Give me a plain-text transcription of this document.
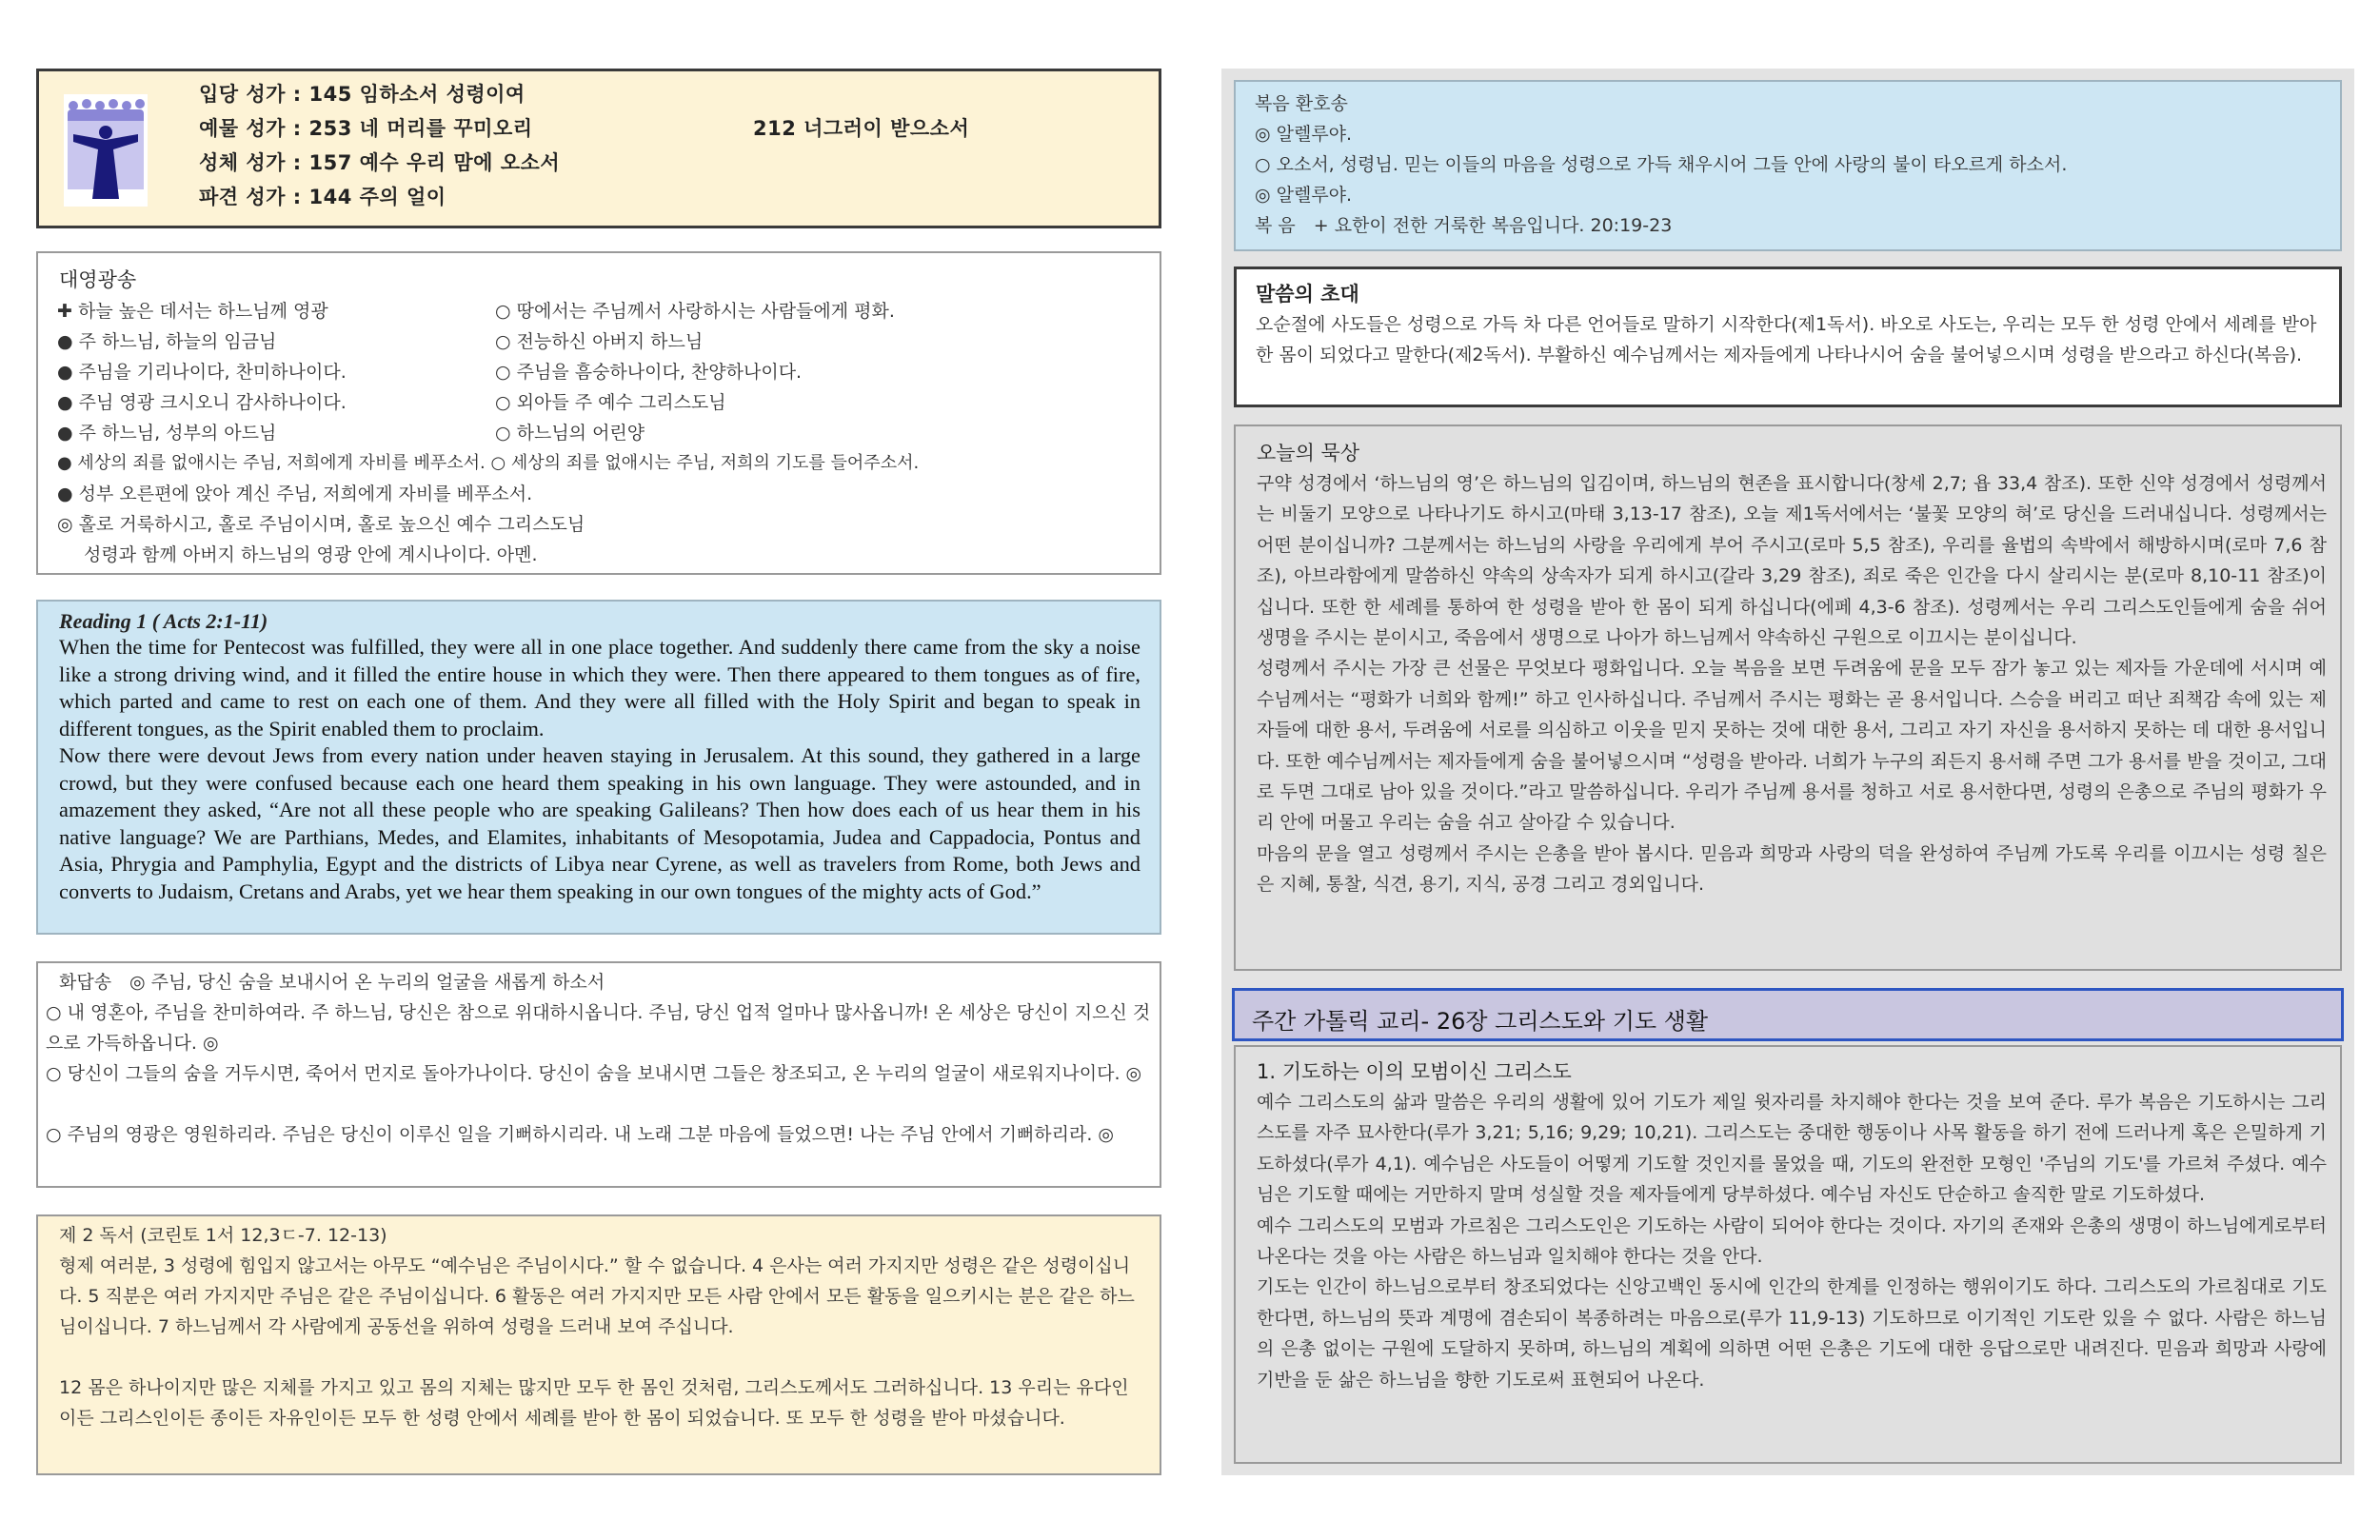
입당 성가 : 145 임하소서 성령이여
예물 성가 : 253 네 머리를 꾸미오리	212 너그러이 받으소서
성체 성가 : 157 예수 우리 맘에 오소서
파견 성가 : 144 주의 얼이
대영광송
✚ 하늘 높은 데서는 하느님께 영광	○ 땅에서는 주님께서 사랑하시는 사람들에게 평화.
● 주 하느님, 하늘의 임금님	○ 전능하신 아버지 하느님
● 주님을 기리나이다, 찬미하나이다.	○ 주님을 흠숭하나이다, 찬양하나이다.
● 주님 영광 크시오니 감사하나이다.	○ 외아들 주 예수 그리스도님
● 주 하느님, 성부의 아드님	○ 하느님의 어린양
● 세상의 죄를 없애시는 주님, 저희에게 자비를 베푸소서. ○ 세상의 죄를 없애시는 주님, 저희의 기도를 들어주소서.
● 성부 오른편에 앉아 계신 주님, 저희에게 자비를 베푸소서.
◎ 홀로 거룩하시고, 홀로 주님이시며, 홀로 높으신 예수 그리스도님
성령과 함께 아버지 하느님의 영광 안에 계시나이다. 아멘.
Reading 1 ( Acts 2:1-11)
When the time for Pentecost was fulfilled, they were all in one place together. And suddenly there came from the sky a noise like a strong driving wind, and it filled the entire house in which they were. Then there appeared to them tongues as of fire, which parted and came to rest on each one of them. And they were all filled with the Holy Spirit and began to speak in different tongues, as the Spirit enabled them to proclaim.
Now there were devout Jews from every nation under heaven staying in Jerusalem. At this sound, they gathered in a large crowd, but they were confused because each one heard them speaking in his own language. They were astounded, and in amazement they asked, “Are not all these people who are speaking Galileans? Then how does each of us hear them in his native language? We are Parthians, Medes, and Elamites, inhabitants of Mesopotamia, Judea and Cappadocia, Pontus and Asia, Phrygia and Pamphylia, Egypt and the districts of Libya near Cyrene, as well as travelers from Rome, both Jews and converts to Judaism, Cretans and Arabs, yet we hear them speaking in our own tongues of the mighty acts of God.”
화답송　◎ 주님, 당신 숨을 보내시어 온 누리의 얼굴을 새롭게 하소서
○ 내 영혼아, 주님을 찬미하여라. 주 하느님, 당신은 참으로 위대하시옵니다. 주님, 당신 업적 얼마나 많사옵니까! 온 세상은 당신이 지으신 것으로 가득하옵니다. ◎
○ 당신이 그들의 숨을 거두시면, 죽어서 먼지로 돌아가나이다. 당신이 숨을 보내시면 그들은 창조되고, 온 누리의 얼굴이 새로워지나이다. ◎
○ 주님의 영광은 영원하리라. 주님은 당신이 이루신 일을 기뻐하시리라. 내 노래 그분 마음에 들었으면! 나는 주님 안에서 기뻐하리라. ◎
제 2 독서 (코린토 1서 12,3ㄷ-7. 12-13)
형제 여러분, 3 성령에 힘입지 않고서는 아무도 “예수님은 주님이시다.” 할 수 없습니다. 4 은사는 여러 가지지만 성령은 같은 성령이십니다. 5 직분은 여러 가지지만 주님은 같은 주님이십니다. 6 활동은 여러 가지지만 모든 사람 안에서 모든 활동을 일으키시는 분은 같은 하느님이십니다. 7 하느님께서 각 사람에게 공동선을 위하여 성령을 드러내 보여 주십니다.
12 몸은 하나이지만 많은 지체를 가지고 있고 몸의 지체는 많지만 모두 한 몸인 것처럼, 그리스도께서도 그러하십니다. 13 우리는 유다인이든 그리스인이든 종이든 자유인이든 모두 한 성령 안에서 세례를 받아 한 몸이 되었습니다. 또 모두 한 성령을 받아 마셨습니다.
복음 환호송
◎ 알렐루야.
○ 오소서, 성령님. 믿는 이들의 마음을 성령으로 가득 채우시어 그들 안에 사랑의 불이 타오르게 하소서.
◎ 알렐루야.
복 음　+ 요한이 전한 거룩한 복음입니다. 20:19-23
말씀의 초대
오순절에 사도들은 성령으로 가득 차 다른 언어들로 말하기 시작한다(제1독서). 바오로 사도는, 우리는 모두 한 성령 안에서 세례를 받아 한 몸이 되었다고 말한다(제2독서). 부활하신 예수님께서는 제자들에게 나타나시어 숨을 불어넣으시며 성령을 받으라고 하신다(복음).
오늘의 묵상
구약 성경에서 ‘하느님의 영’은 하느님의 입김이며, 하느님의 현존을 표시합니다(창세 2,7; 욥 33,4 참조). 또한 신약 성경에서 성령께서는 비둘기 모양으로 나타나기도 하시고(마태 3,13-17 참조), 오늘 제1독서에서는 ‘불꽃 모양의 혀’로 당신을 드러내십니다. 성령께서는 어떤 분이십니까? 그분께서는 하느님의 사랑을 우리에게 부어 주시고(로마 5,5 참조), 우리를 율법의 속박에서 해방하시며(로마 7,6 참조), 아브라함에게 말씀하신 약속의 상속자가 되게 하시고(갈라 3,29 참조), 죄로 죽은 인간을 다시 살리시는 분(로마 8,10-11 참조)이십니다. 또한 한 세례를 통하여 한 성령을 받아 한 몸이 되게 하십니다(에페 4,3-6 참조). 성령께서는 우리 그리스도인들에게 숨을 쉬어 생명을 주시는 분이시고, 죽음에서 생명으로 나아가 하느님께서 약속하신 구원으로 이끄시는 분이십니다.
성령께서 주시는 가장 큰 선물은 무엇보다 평화입니다. 오늘 복음을 보면 두려움에 문을 모두 잠가 놓고 있는 제자들 가운데에 서시며 예수님께서는 “평화가 너희와 함께!” 하고 인사하십니다. 주님께서 주시는 평화는 곧 용서입니다. 스승을 버리고 떠난 죄책감 속에 있는 제자들에 대한 용서, 두려움에 서로를 의심하고 이웃을 믿지 못하는 것에 대한 용서, 그리고 자기 자신을 용서하지 못하는 데 대한 용서입니다. 또한 예수님께서는 제자들에게 숨을 불어넣으시며 “성령을 받아라. 너희가 누구의 죄든지 용서해 주면 그가 용서를 받을 것이고, 그대로 두면 그대로 남아 있을 것이다.”라고 말씀하십니다. 우리가 주님께 용서를 청하고 서로 용서한다면, 성령의 은총으로 주님의 평화가 우리 안에 머물고 우리는 숨을 쉬고 살아갈 수 있습니다.
마음의 문을 열고 성령께서 주시는 은총을 받아 봅시다. 믿음과 희망과 사랑의 덕을 완성하여 주님께 가도록 우리를 이끄시는 성령 칠은은 지혜, 통찰, 식견, 용기, 지식, 공경 그리고 경외입니다.
주간 가톨릭 교리- 26장 그리스도와 기도 생활
1. 기도하는 이의 모범이신 그리스도
예수 그리스도의 삶과 말씀은 우리의 생활에 있어 기도가 제일 윗자리를 차지해야 한다는 것을 보여 준다. 루가 복음은 기도하시는 그리스도를 자주 묘사한다(루가 3,21; 5,16; 9,29; 10,21). 그리스도는 중대한 행동이나 사목 활동을 하기 전에 드러나게 혹은 은밀하게 기도하셨다(루가 4,1). 예수님은 사도들이 어떻게 기도할 것인지를 물었을 때, 기도의 완전한 모형인 '주님의 기도'를 가르쳐 주셨다. 예수님은 기도할 때에는 거만하지 말며 성실할 것을 제자들에게 당부하셨다. 예수님 자신도 단순하고 솔직한 말로 기도하셨다.
예수 그리스도의 모범과 가르침은 그리스도인은 기도하는 사람이 되어야 한다는 것이다. 자기의 존재와 은총의 생명이 하느님에게로부터 나온다는 것을 아는 사람은 하느님과 일치해야 한다는 것을 안다.
기도는 인간이 하느님으로부터 창조되었다는 신앙고백인 동시에 인간의 한계를 인정하는 행위이기도 하다. 그리스도의 가르침대로 기도한다면, 하느님의 뜻과 계명에 겸손되이 복종하려는 마음으로(루가 11,9-13) 기도하므로 이기적인 기도란 있을 수 없다. 사람은 하느님의 은총 없이는 구원에 도달하지 못하며, 하느님의 계획에 의하면 어떤 은총은 기도에 대한 응답으로만 내려진다. 믿음과 희망과 사랑에 기반을 둔 삶은 하느님을 향한 기도로써 표현되어 나온다.
